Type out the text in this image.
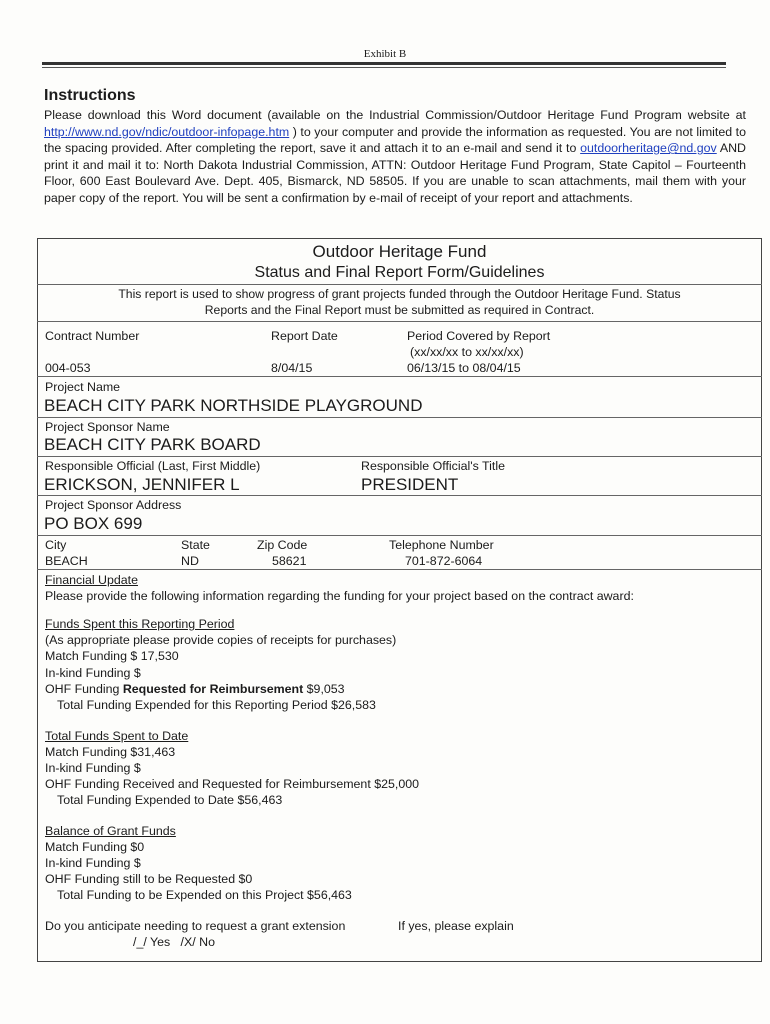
Exhibit B
Instructions

Please download this Word document (available on the Industrial Commission/Outdoor Heritage Fund Program website at http://www.nd.gov/ndic/outdoor-infopage.htm ) to your computer and provide the information as requested. You are not limited to the spacing provided. After completing the report, save it and attach it to an e-mail and send it to outdoorheritage@nd.gov AND print it and mail it to: North Dakota Industrial Commission, ATTN: Outdoor Heritage Fund Program, State Capitol – Fourteenth Floor, 600 East Boulevard Ave. Dept. 405, Bismarck, ND 58505. If you are unable to scan attachments, mail them with your paper copy of the report. You will be sent a confirmation by e-mail of receipt of your report and attachments.

Outdoor Heritage Fund
Status and Final Report Form/Guidelines
This report is used to show progress of grant projects funded through the Outdoor Heritage Fund. Status
Reports and the Final Report must be submitted as required in Contract.
Contract Number	Report Date	Period Covered by Report
(xx/xx/xx to xx/xx/xx)
004-053	8/04/15	06/13/15 to 08/04/15
Project Name
BEACH CITY PARK NORTHSIDE PLAYGROUND
Project Sponsor Name
BEACH CITY PARK BOARD
Responsible Official (Last, First Middle)	Responsible Official's Title
ERICKSON, JENNIFER L	PRESIDENT
Project Sponsor Address
PO BOX 699
City	State	Zip Code	Telephone Number
BEACH	ND	58621	701-872-6064
Financial Update
Please provide the following information regarding the funding for your project based on the contract award:
Funds Spent this Reporting Period
(As appropriate please provide copies of receipts for purchases)
Match Funding $ 17,530
In-kind Funding $
OHF Funding Requested for Reimbursement $9,053
Total Funding Expended for this Reporting Period $26,583
Total Funds Spent to Date
Match Funding $31,463
In-kind Funding $
OHF Funding Received and Requested for Reimbursement $25,000
Total Funding Expended to Date $56,463
Balance of Grant Funds
Match Funding $0
In-kind Funding $
OHF Funding still to be Requested $0
Total Funding to be Expended on this Project $56,463
Do you anticipate needing to request a grant extension	If yes, please explain
/_/ Yes   /X/ No
